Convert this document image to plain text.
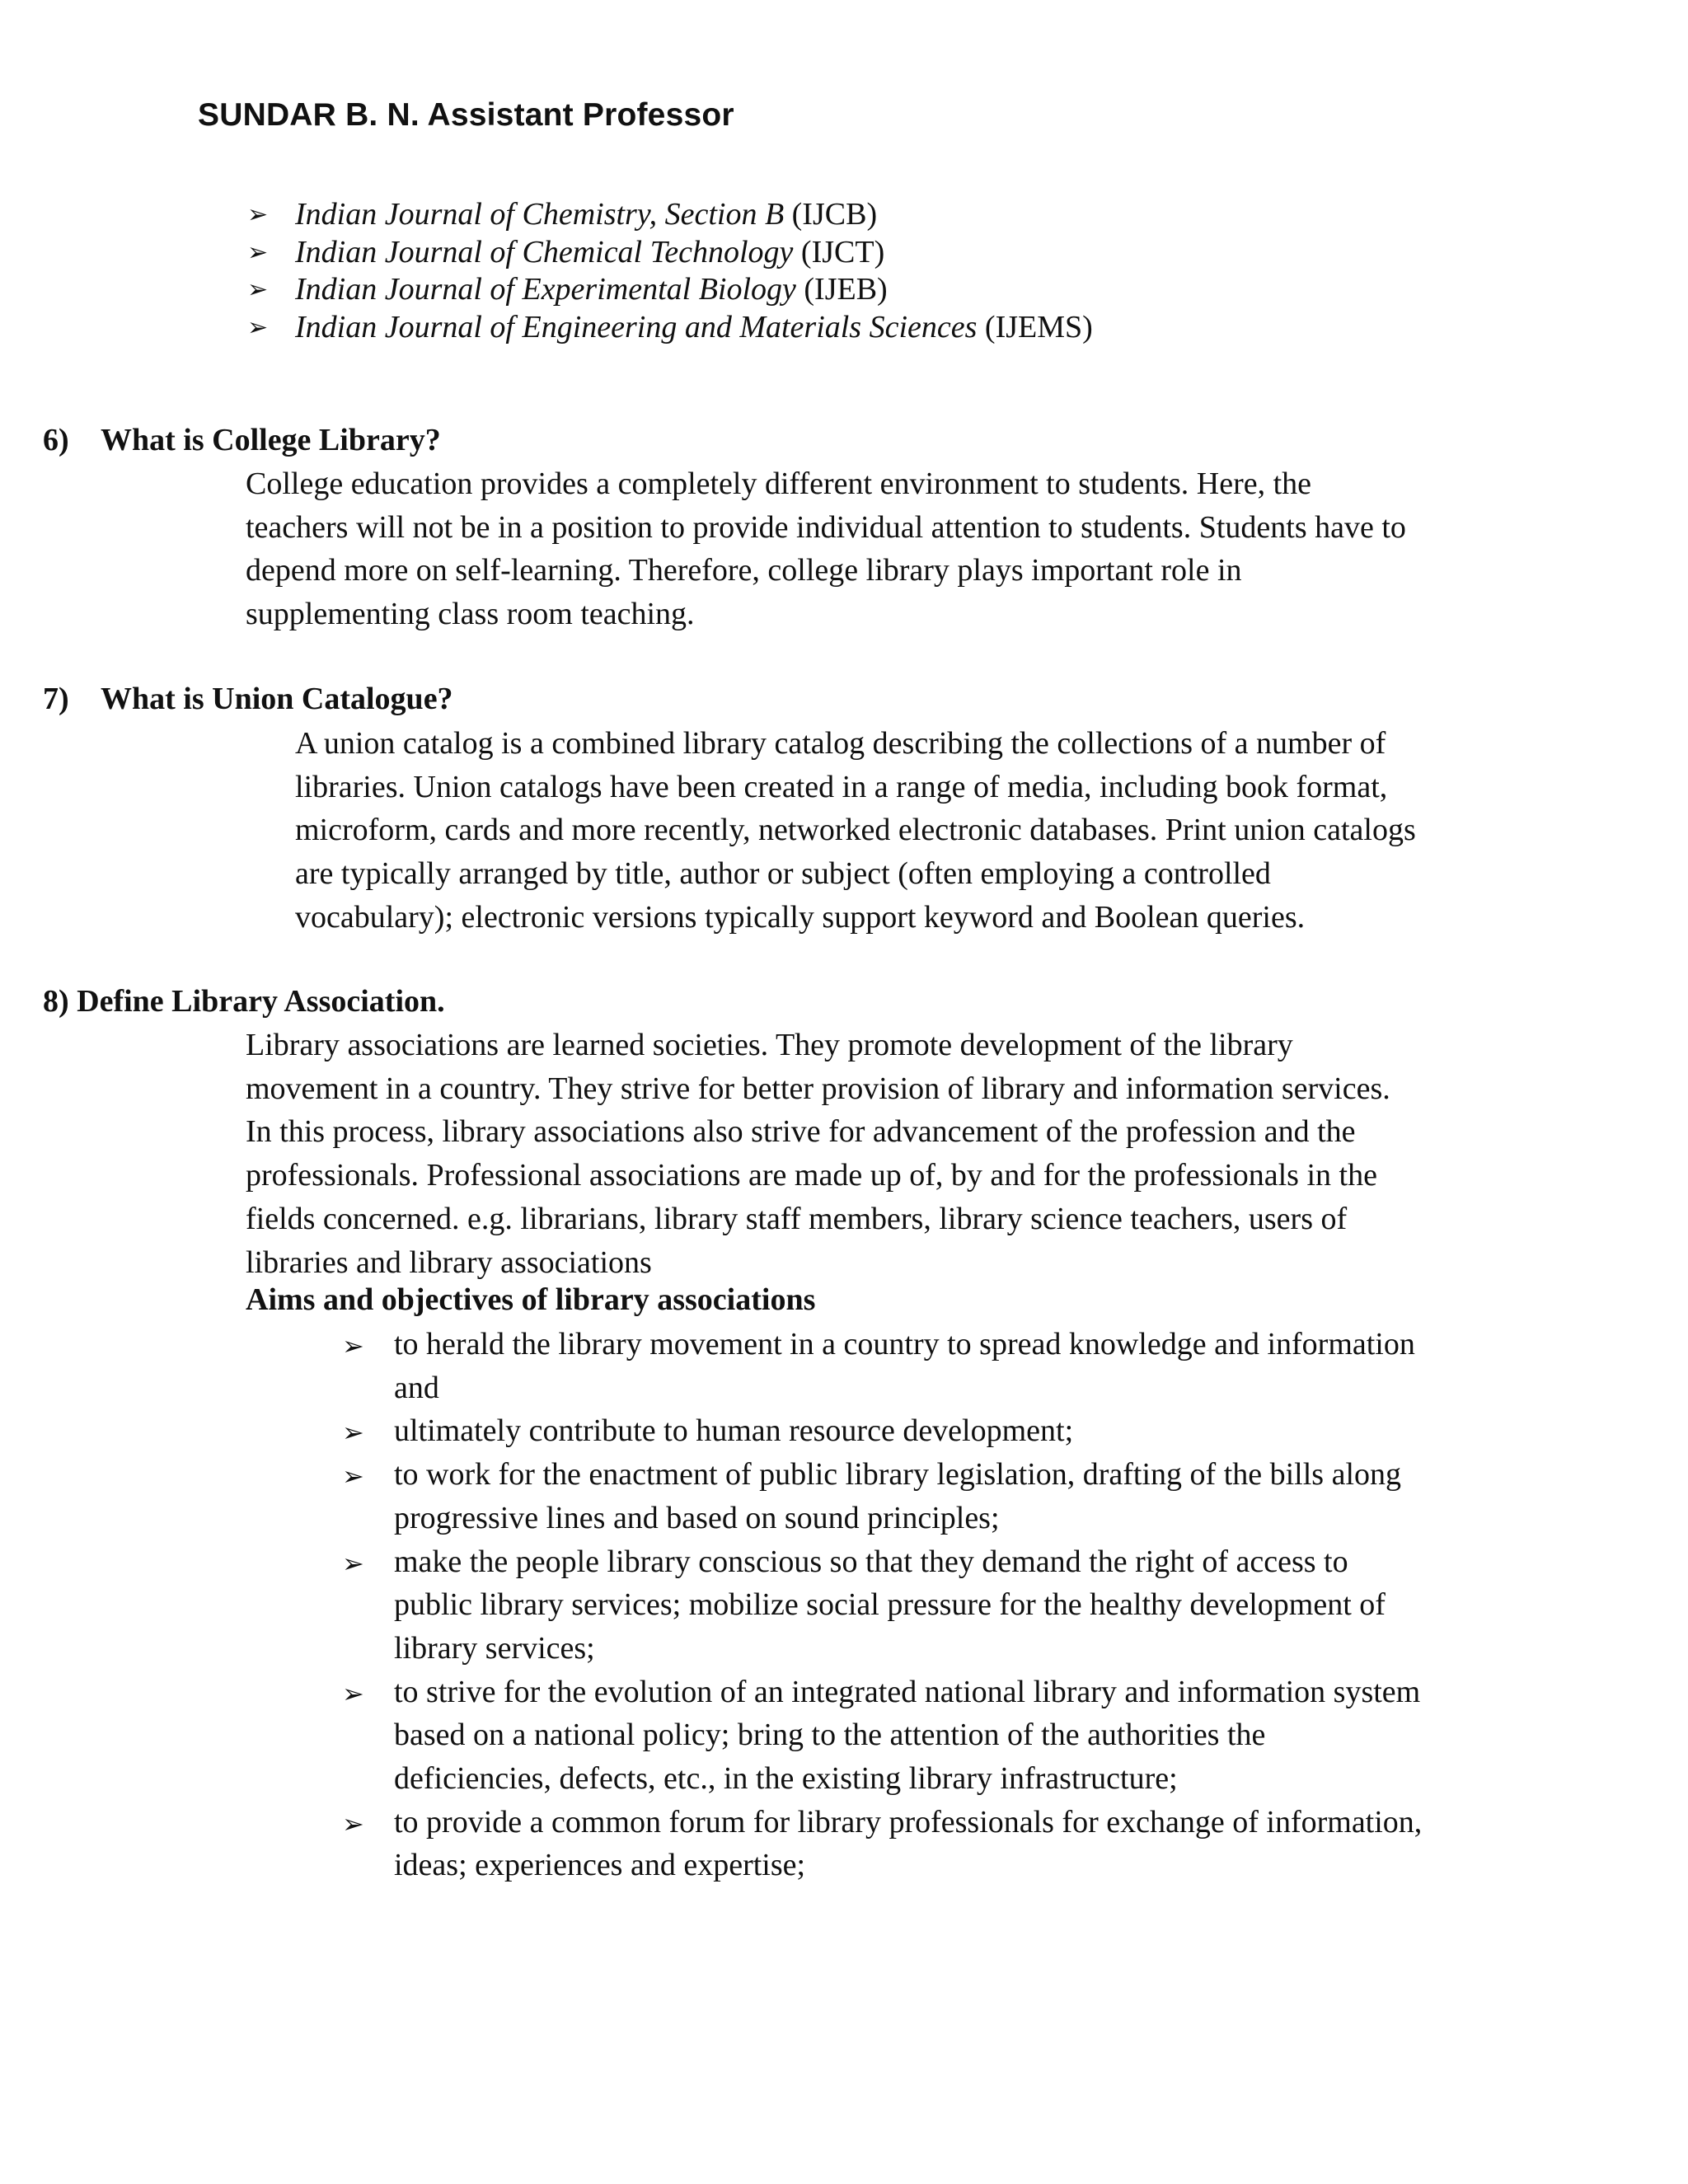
SUNDAR B. N. Assistant Professor
➢ Indian Journal of Chemistry, Section B (IJCB)
➢ Indian Journal of Chemical Technology (IJCT)
➢ Indian Journal of Experimental Biology (IJEB)
➢ Indian Journal of Engineering and Materials Sciences (IJEMS)
6) What is College Library?
College education provides a completely different environment to students. Here, the
teachers will not be in a position to provide individual attention to students. Students have to
depend more on self-learning. Therefore, college library plays important role in
supplementing class room teaching.
7) What is Union Catalogue?
A union catalog is a combined library catalog describing the collections of a number of
libraries. Union catalogs have been created in a range of media, including book format,
microform, cards and more recently, networked electronic databases. Print union catalogs
are typically arranged by title, author or subject (often employing a controlled
vocabulary); electronic versions typically support keyword and Boolean queries.
8) Define Library Association.
Library associations are learned societies. They promote development of the library
movement in a country. They strive for better provision of library and information services.
In this process, library associations also strive for advancement of the profession and the
professionals. Professional associations are made up of, by and for the professionals in the
fields concerned. e.g. librarians, library staff members, library science teachers, users of
libraries and library associations
Aims and objectives of library associations
➢ to herald the library movement in a country to spread knowledge and information
and
➢ ultimately contribute to human resource development;
➢ to work for the enactment of public library legislation, drafting of the bills along
progressive lines and based on sound principles;
➢ make the people library conscious so that they demand the right of access to
public library services; mobilize social pressure for the healthy development of
library services;
➢ to strive for the evolution of an integrated national library and information system
based on a national policy; bring to the attention of the authorities the
deficiencies, defects, etc., in the existing library infrastructure;
➢ to provide a common forum for library professionals for exchange of information,
ideas; experiences and expertise;
